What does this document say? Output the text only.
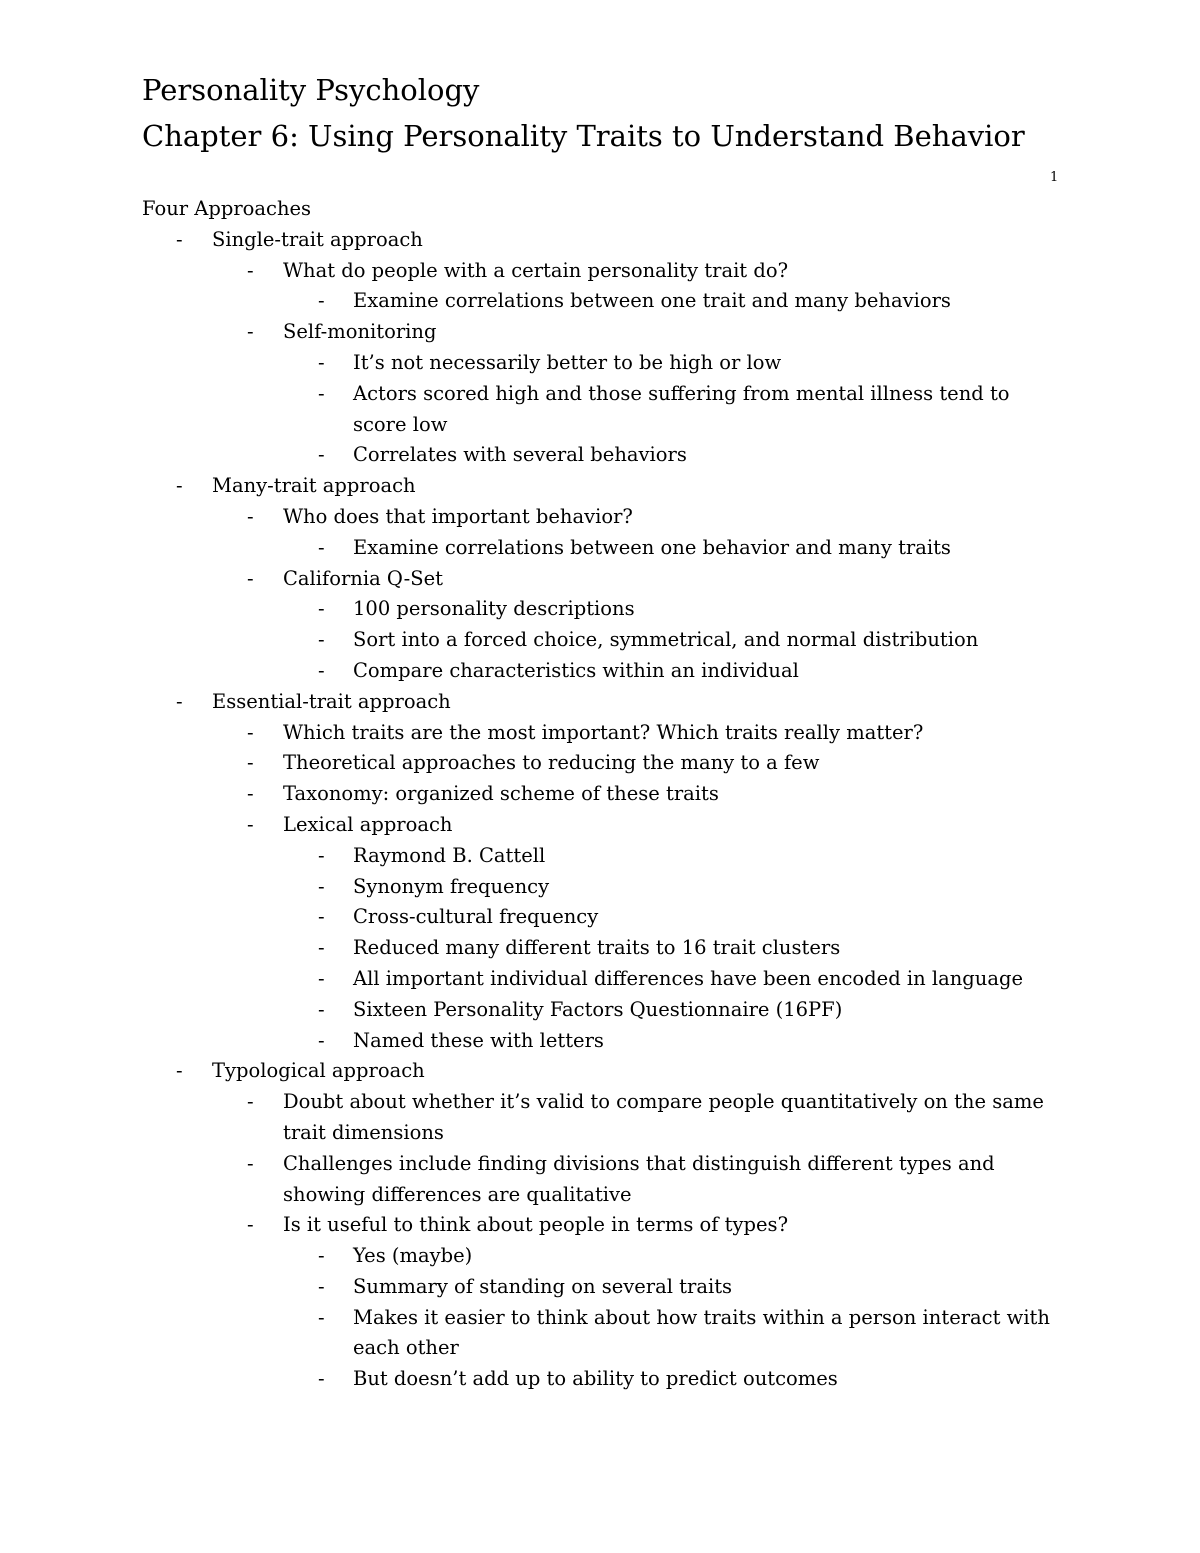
Personality Psychology
Chapter 6: Using Personality Traits to Understand Behavior
1

Four Approaches

- Single-trait approach
- What do people with a certain personality trait do?
- Examine correlations between one trait and many behaviors
- Self-monitoring
- It’s not necessarily better to be high or low
- Actors scored high and those suffering from mental illness tend to score low
- Correlates with several behaviors
- Many-trait approach
- Who does that important behavior?
- Examine correlations between one behavior and many traits
- California Q-Set
- 100 personality descriptions
- Sort into a forced choice, symmetrical, and normal distribution
- Compare characteristics within an individual
- Essential-trait approach
- Which traits are the most important? Which traits really matter?
- Theoretical approaches to reducing the many to a few
- Taxonomy: organized scheme of these traits
- Lexical approach
- Raymond B. Cattell
- Synonym frequency
- Cross-cultural frequency
- Reduced many different traits to 16 trait clusters
- All important individual differences have been encoded in language
- Sixteen Personality Factors Questionnaire (16PF)
- Named these with letters
- Typological approach
- Doubt about whether it’s valid to compare people quantitatively on the same trait dimensions
- Challenges include finding divisions that distinguish different types and showing differences are qualitative
- Is it useful to think about people in terms of types?
- Yes (maybe)
- Summary of standing on several traits
- Makes it easier to think about how traits within a person interact with each other
- But doesn’t add up to ability to predict outcomes
